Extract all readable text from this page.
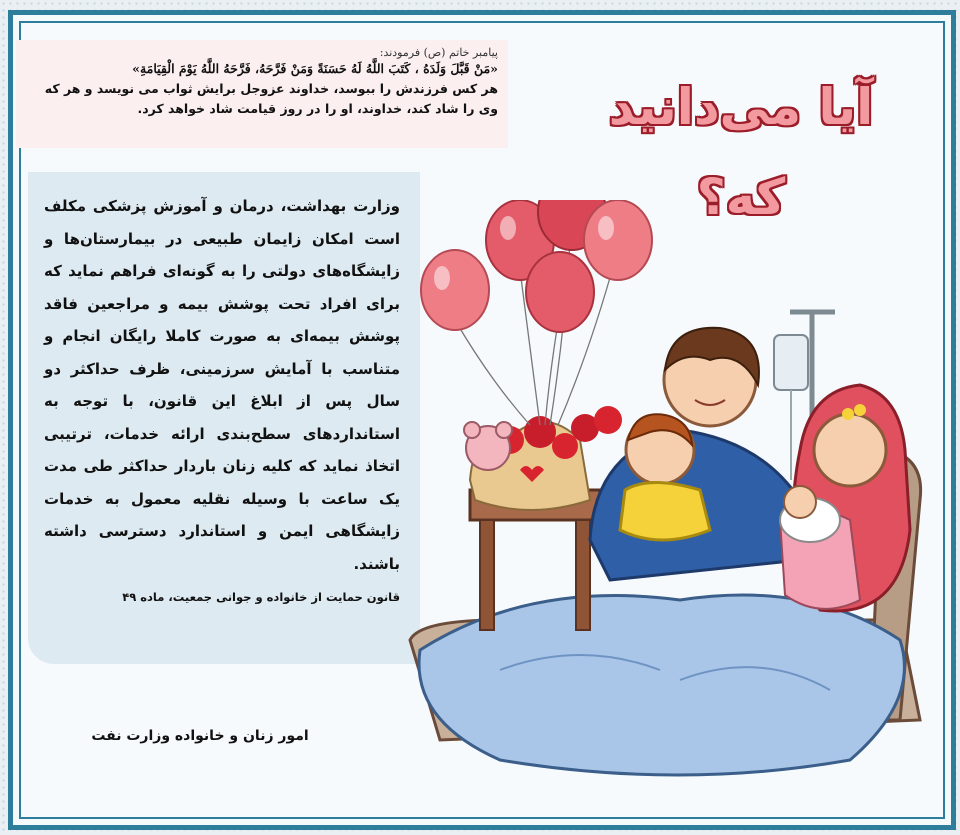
پیامبر خاتم (ص) فرمودند:
«مَنْ قَبَّلَ وَلَدَهُ ، كَتَبَ اللَّهُ لَهُ حَسَنَةً وَمَنْ فَرَّحَهُ، فَرَّحَهُ اللَّهُ يَوْمَ الْقِيَامَةِ»
هر کس فرزندش را ببوسد، خداوند عزوجل برایش ثواب می نویسد و هر که وی را شاد کند، خداوند، او را در روز قیامت شاد خواهد کرد.	آیا می‌دانید که؟

وزارت بهداشت، درمان و آموزش پزشکی مکلف است امکان زایمان طبیعی در بیمارستان‌ها و زایشگاه‌های دولتی را به گونه‌ای فراهم نماید که برای افراد تحت پوشش بیمه و مراجعین فاقد پوشش بیمه‌ای به صورت کاملا رایگان انجام و متناسب با آمایش سرزمینی، ظرف حداکثر دو سال پس از ابلاغ این قانون، با توجه به استانداردهای سطح‌بندی ارائه خدمات، ترتیبی اتخاذ نماید که کلیه زنان باردار حداکثر طی مدت یک ساعت با وسیله نقلیه معمول به خدمات زایشگاهی ایمن و استاندارد دسترسی داشته باشند.

قانون حمایت از خانواده و جوانی جمعیت، ماده ۴۹
امور زنان و خانواده وزارت نفت
